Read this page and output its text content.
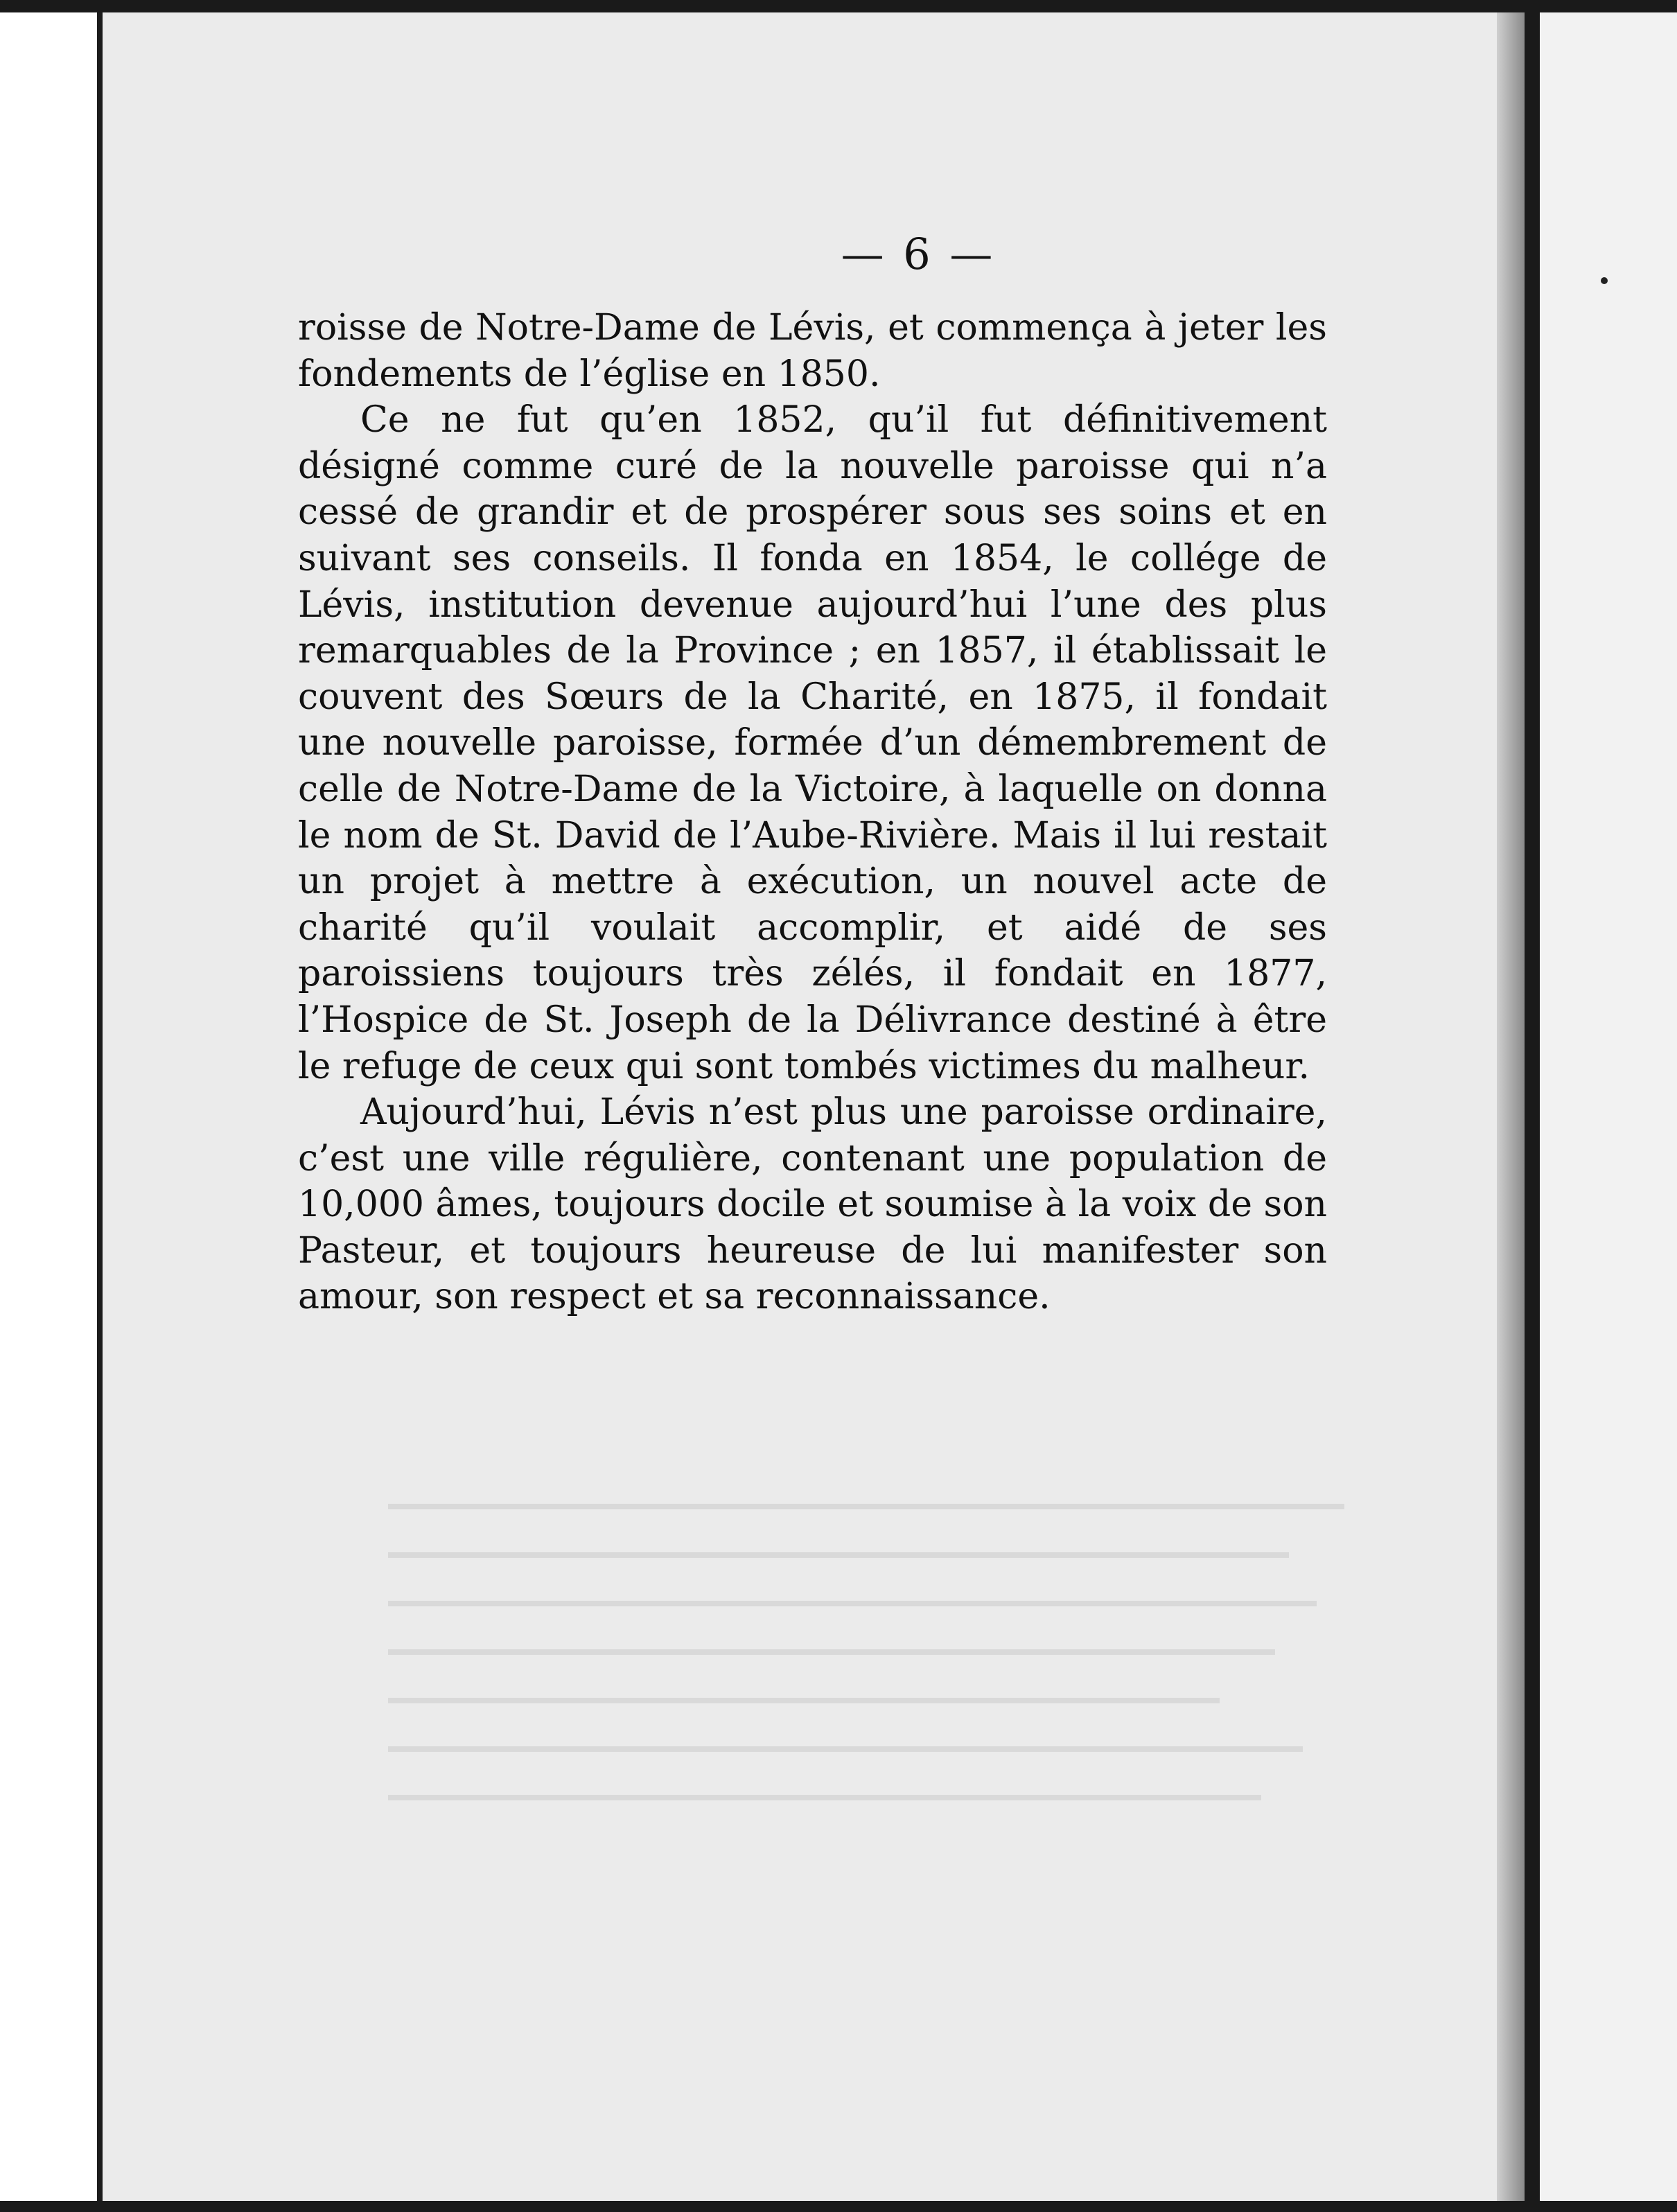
— 6 —

roisse de Notre-Dame de Lévis, et commença à jeter les fondements de l’église en 1850.

Ce ne fut qu’en 1852, qu’il fut définitivement désigné comme curé de la nouvelle paroisse qui n’a cessé de grandir et de prospérer sous ses soins et en suivant ses conseils. Il fonda en 1854, le collége de Lévis, institution devenue aujourd’hui l’une des plus remarquables de la Province ; en 1857, il établissait le couvent des Sœurs de la Charité, en 1875, il fondait une nouvelle paroisse, formée d’un démembrement de celle de Notre-Dame de la Victoire, à laquelle on donna le nom de St. David de l’Aube-Rivière. Mais il lui restait un projet à mettre à exécution, un nouvel acte de charité qu’il voulait accomplir, et aidé de ses paroissiens toujours très zélés, il fondait en 1877, l’Hospice de St. Joseph de la Délivrance destiné à être le refuge de ceux qui sont tombés victimes du malheur.

Aujourd’hui, Lévis n’est plus une paroisse ordinaire, c’est une ville régulière, contenant une population de 10,000 âmes, toujours docile et soumise à la voix de son Pasteur, et toujours heureuse de lui manifester son amour, son respect et sa reconnaissance.
